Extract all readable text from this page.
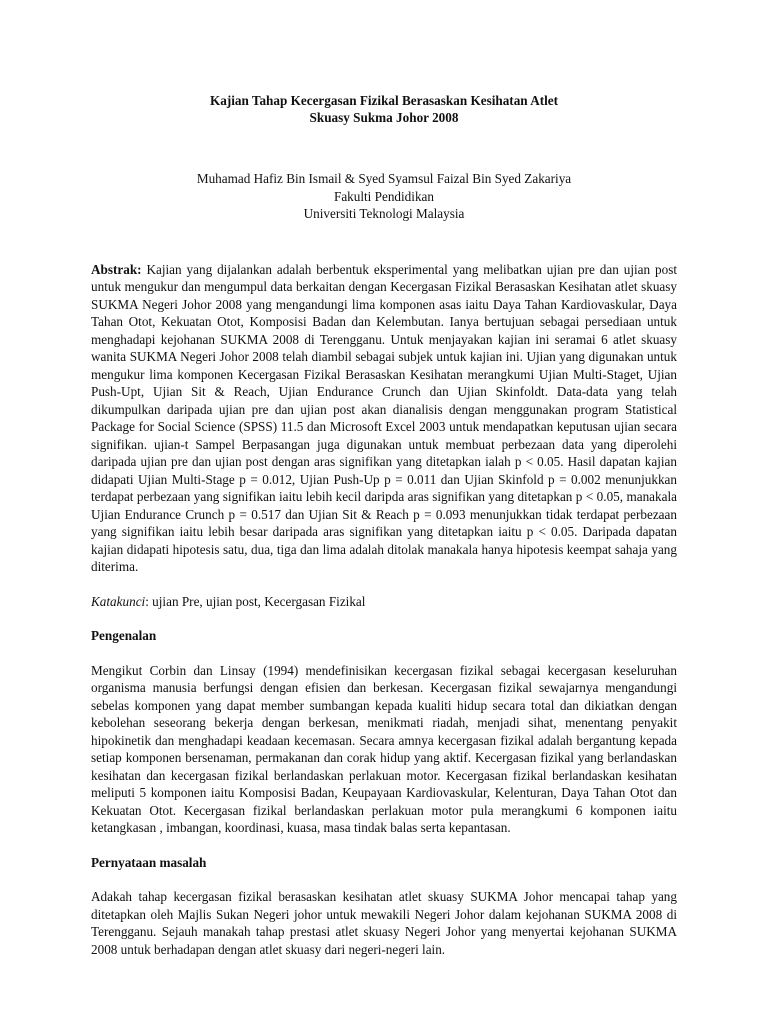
Kajian Tahap Kecergasan Fizikal Berasaskan Kesihatan Atlet
Skuasy Sukma Johor 2008
Muhamad Hafiz Bin Ismail & Syed Syamsul Faizal Bin Syed Zakariya
Fakulti Pendidikan
Universiti Teknologi Malaysia

Abstrak: Kajian yang dijalankan adalah berbentuk eksperimental yang melibatkan ujian pre dan ujian post untuk mengukur dan mengumpul data berkaitan dengan Kecergasan Fizikal Berasaskan Kesihatan atlet skuasy SUKMA Negeri Johor 2008 yang mengandungi lima komponen asas iaitu Daya Tahan Kardiovaskular, Daya Tahan Otot, Kekuatan Otot, Komposisi Badan dan Kelembutan. Ianya bertujuan sebagai persediaan untuk menghadapi kejohanan SUKMA 2008 di Terengganu. Untuk menjayakan kajian ini seramai 6 atlet skuasy wanita SUKMA Negeri Johor 2008 telah diambil sebagai subjek untuk kajian ini. Ujian yang digunakan untuk mengukur lima komponen Kecergasan Fizikal Berasaskan Kesihatan merangkumi Ujian Multi-Staget, Ujian Push-Upt, Ujian Sit & Reach, Ujian Endurance Crunch dan Ujian Skinfoldt. Data-data yang telah dikumpulkan daripada ujian pre dan ujian post akan dianalisis dengan menggunakan program Statistical Package for Social Science (SPSS) 11.5 dan Microsoft Excel 2003 untuk mendapatkan keputusan ujian secara signifikan. ujian-t Sampel Berpasangan juga digunakan untuk membuat perbezaan data yang diperolehi daripada ujian pre dan ujian post dengan aras signifikan yang ditetapkan ialah p < 0.05. Hasil dapatan kajian didapati Ujian Multi-Stage p = 0.012, Ujian Push-Up p = 0.011 dan Ujian Skinfold p = 0.002 menunjukkan terdapat perbezaan yang signifikan iaitu lebih kecil daripda aras signifikan yang ditetapkan p < 0.05, manakala Ujian Endurance Crunch p = 0.517 dan Ujian Sit & Reach p = 0.093 menunjukkan tidak terdapat perbezaan yang signifikan iaitu lebih besar daripada aras signifikan yang ditetapkan iaitu p < 0.05. Daripada dapatan kajian didapati hipotesis satu, dua, tiga dan lima adalah ditolak manakala hanya hipotesis keempat sahaja yang diterima.

Katakunci: ujian Pre, ujian post, Kecergasan Fizikal

Pengenalan

Mengikut Corbin dan Linsay (1994) mendefinisikan kecergasan fizikal sebagai kecergasan keseluruhan organisma manusia berfungsi dengan efisien dan berkesan. Kecergasan fizikal sewajarnya mengandungi sebelas komponen yang dapat member sumbangan kepada kualiti hidup secara total dan dikiatkan dengan kebolehan seseorang bekerja dengan berkesan, menikmati riadah, menjadi sihat, menentang penyakit hipokinetik dan menghadapi keadaan kecemasan. Secara amnya kecergasan fizikal adalah bergantung kepada setiap komponen bersenaman, permakanan dan corak hidup yang aktif. Kecergasan fizikal yang berlandaskan kesihatan dan kecergasan fizikal berlandaskan perlakuan motor. Kecergasan fizikal berlandaskan kesihatan meliputi 5 komponen iaitu Komposisi Badan, Keupayaan Kardiovaskular, Kelenturan, Daya Tahan Otot dan Kekuatan Otot. Kecergasan fizikal berlandaskan perlakuan motor pula merangkumi 6 komponen iaitu ketangkasan , imbangan, koordinasi, kuasa, masa tindak balas serta kepantasan.

Pernyataan masalah

Adakah tahap kecergasan fizikal berasaskan kesihatan atlet skuasy SUKMA Johor mencapai tahap yang ditetapkan oleh Majlis Sukan Negeri johor untuk mewakili Negeri Johor dalam kejohanan SUKMA 2008 di Terengganu. Sejauh manakah tahap prestasi atlet skuasy Negeri Johor yang menyertai kejohanan SUKMA 2008 untuk berhadapan dengan atlet skuasy dari negeri-negeri lain.
